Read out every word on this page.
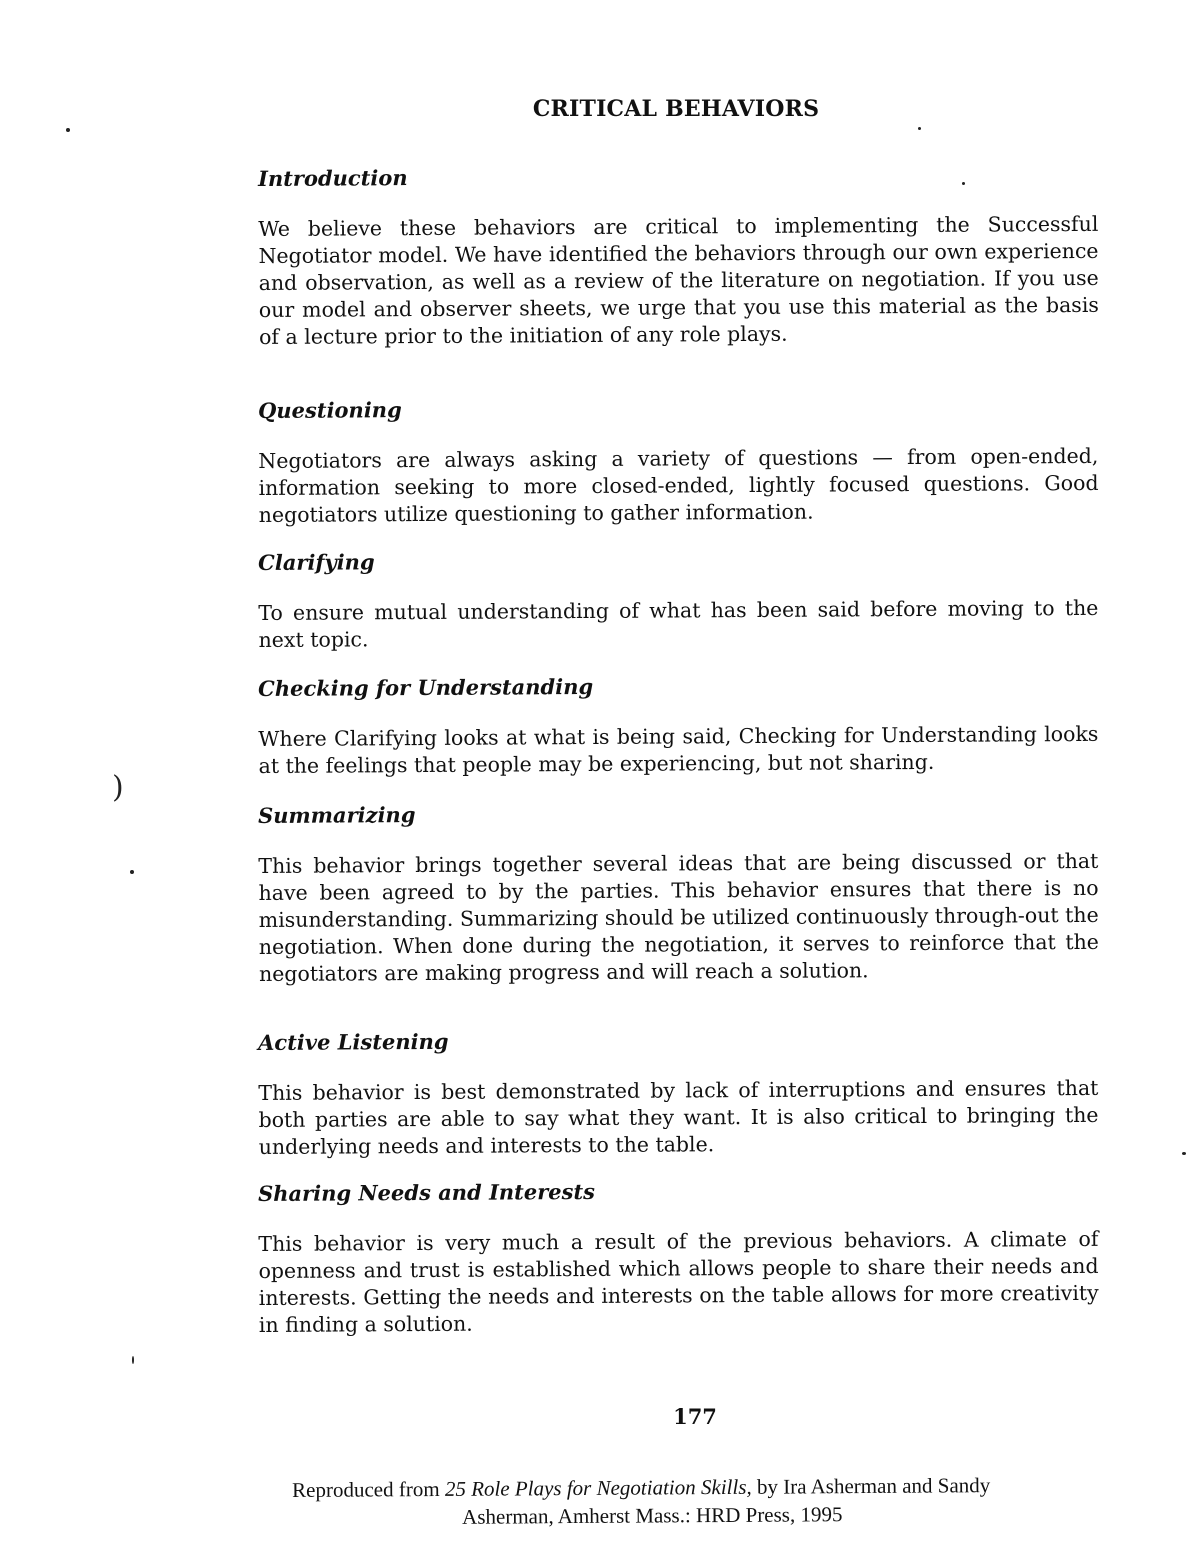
CRITICAL BEHAVIORS
Introduction

We believe these behaviors are critical to implementing the Successful Negotiator model. We have identified the behaviors through our own experience and observation, as well as a review of the literature on negotiation. If you use our model and observer sheets, we urge that you use this material as the basis of a lecture prior to the initiation of any role plays.

Questioning

Negotiators are always asking a variety of questions — from open-ended, information seeking to more closed-ended, lightly focused questions. Good negotiators utilize questioning to gather information.

Clarifying

To ensure mutual understanding of what has been said before moving to the next topic.

Checking for Understanding

Where Clarifying looks at what is being said, Checking for Understanding looks at the feelings that people may be experiencing, but not sharing.

Summarizing

This behavior brings together several ideas that are being discussed or that have been agreed to by the parties. This behavior ensures that there is no misunderstanding. Summarizing should be utilized continuously through-out the negotiation. When done during the negotiation, it serves to reinforce that the negotiators are making progress and will reach a solution.

Active Listening

This behavior is best demonstrated by lack of interruptions and ensures that both parties are able to say what they want. It is also critical to bringing the underlying needs and interests to the table.

Sharing Needs and Interests

This behavior is very much a result of the previous behaviors. A climate of openness and trust is established which allows people to share their needs and interests. Getting the needs and interests on the table allows for more creativity in finding a solution.

177
Reproduced from 25 Role Plays for Negotiation Skills, by Ira Asherman and Sandy
Asherman, Amherst Mass.: HRD Press, 1995
)
